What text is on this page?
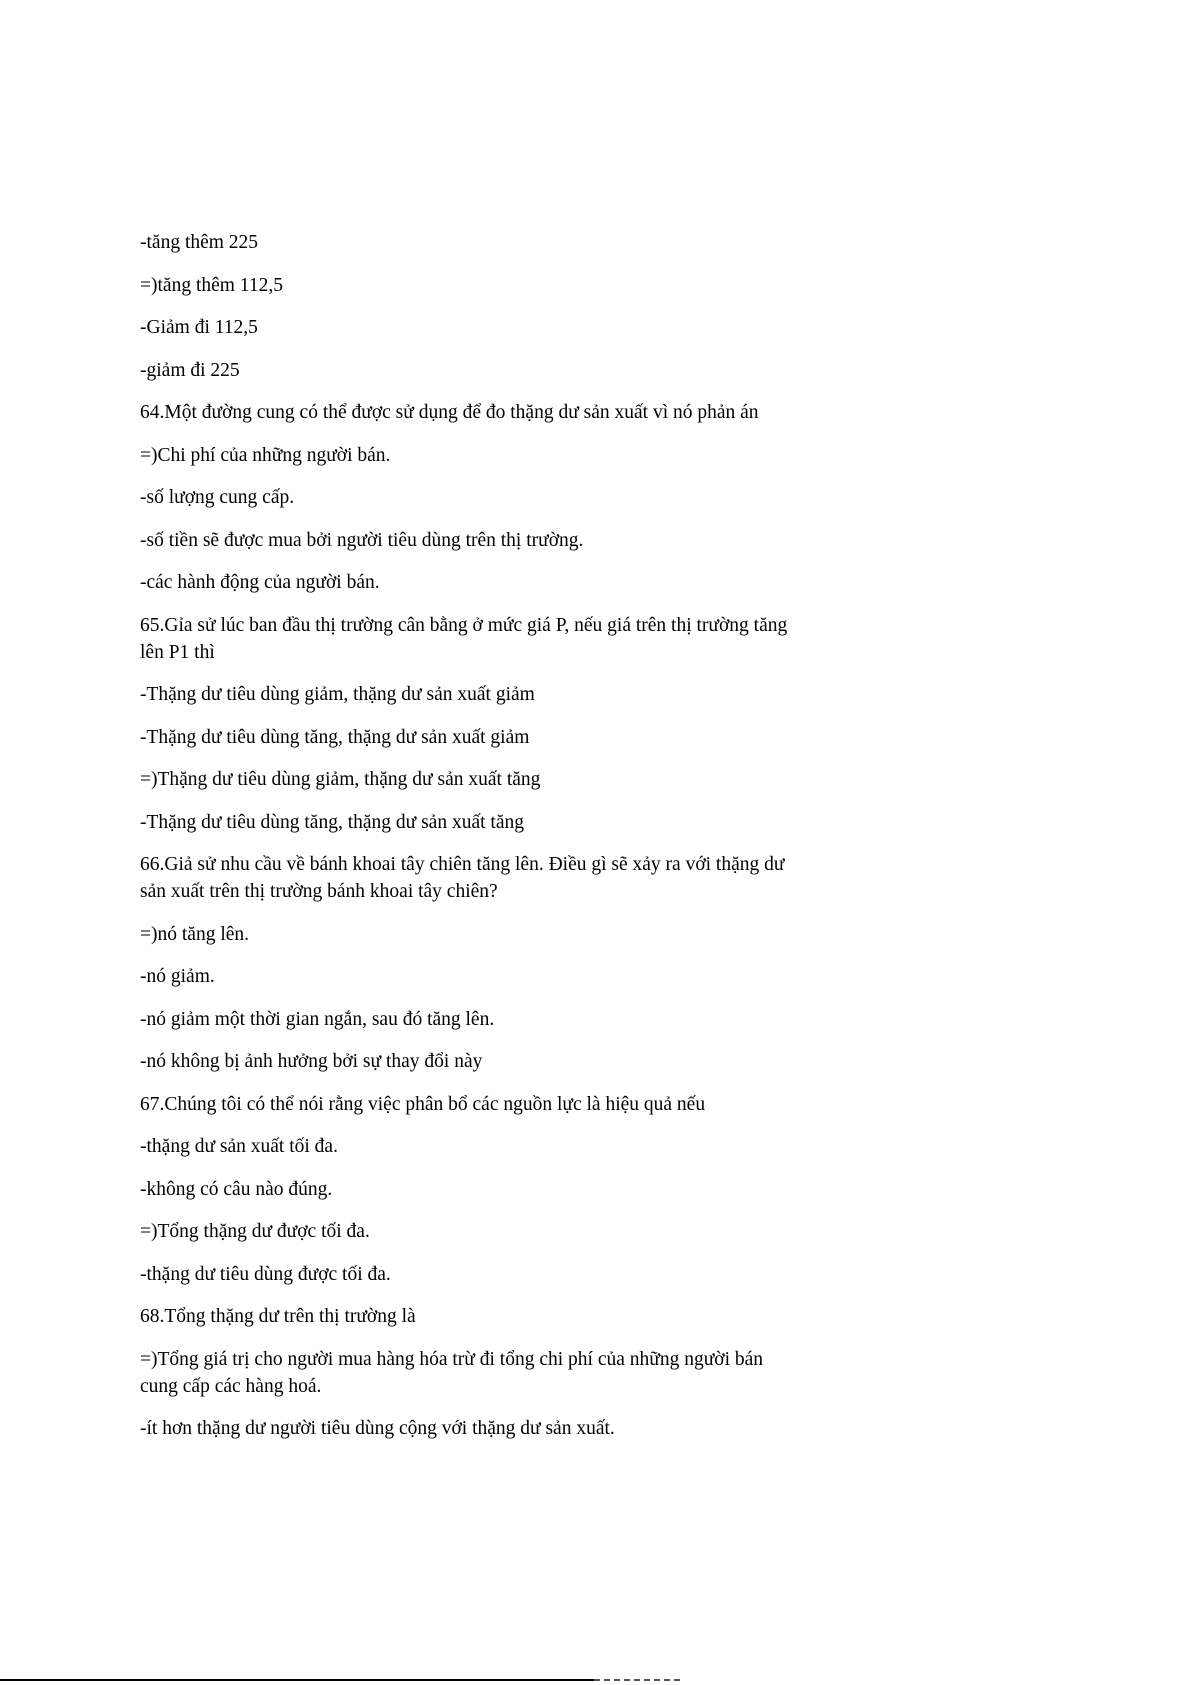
-tăng thêm 225

=)tăng thêm 112,5

-Giảm đi 112,5

-giảm đi 225

64.Một đường cung có thể được sử dụng để đo thặng dư sản xuất vì nó phản án

=)Chi phí của những người bán.

-số lượng cung cấp.

-số tiền sẽ được mua bởi người tiêu dùng trên thị trường.

-các hành động của người bán.

65.Gỉa sử lúc ban đầu thị trường cân bằng ở mức giá P, nếu giá trên thị trường tăng lên P1 thì

-Thặng dư tiêu dùng giảm, thặng dư sản xuất giảm

-Thặng dư tiêu dùng tăng, thặng dư sản xuất giảm

=)Thặng dư tiêu dùng giảm, thặng dư sản xuất tăng

-Thặng dư tiêu dùng tăng, thặng dư sản xuất tăng

66.Giả sử nhu cầu về bánh khoai tây chiên tăng lên. Điều gì sẽ xảy ra với thặng dư sản xuất trên thị trường bánh khoai tây chiên?

=)nó tăng lên.

-nó giảm.

-nó giảm một thời gian ngắn, sau đó tăng lên.

-nó không bị ảnh hưởng bởi sự thay đổi này

67.Chúng tôi có thể nói rằng việc phân bổ các nguồn lực là hiệu quả nếu

-thặng dư sản xuất tối đa.

-không có câu nào đúng.

=)Tổng thặng dư được tối đa.

-thặng dư tiêu dùng được tối đa.

68.Tổng thặng dư trên thị trường là

=)Tổng giá trị cho người mua hàng hóa trừ đi tổng chi phí của những người bán cung cấp các hàng hoá.

-ít hơn thặng dư người tiêu dùng cộng với thặng dư sản xuất.
